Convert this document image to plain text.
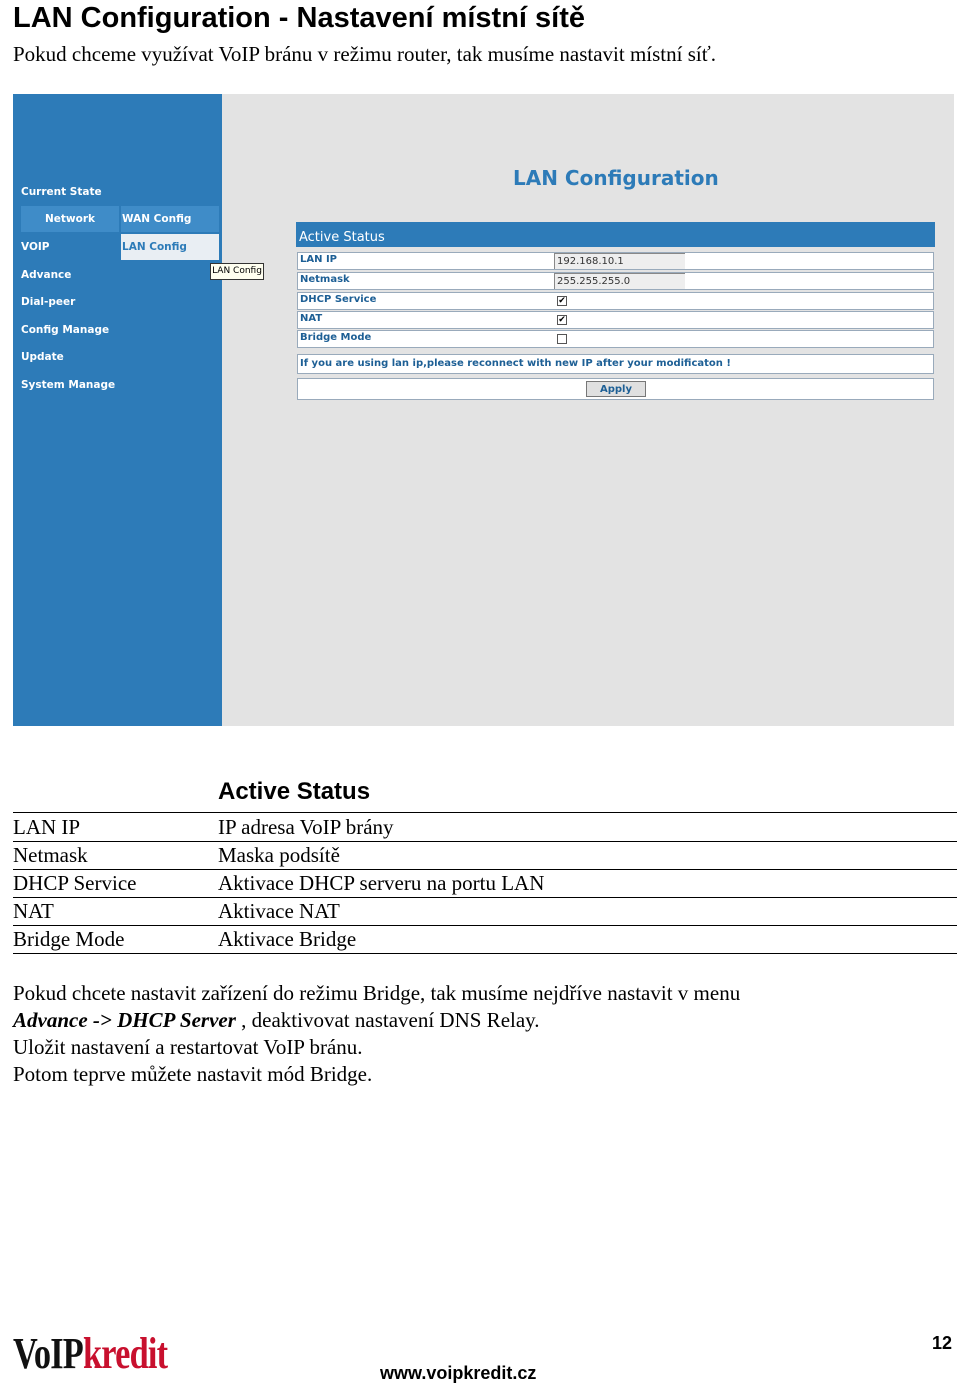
LAN Configuration - Nastavení místní sítě
Pokud chceme využívat VoIP bránu v režimu router, tak musíme nastavit místní síť.
Current State
Network	WAN Config
LAN Config
VOIP
Advance
Dial-peer
Config Manage
Update
System Manage
LAN Config
LAN Configuration
Active Status
LAN IP	192.168.10.1
Netmask	255.255.255.0
DHCP Service	✔
NAT	✔
Bridge Mode
If you are using lan ip,please reconnect with new IP after your modificaton !
Apply
Active Status
LAN IP	IP adresa VoIP brány
Netmask	Maska podsítě
DHCP Service	Aktivace DHCP serveru na portu LAN
NAT	Aktivace NAT
Bridge Mode	Aktivace Bridge
Pokud chcete nastavit zařízení do režimu Bridge, tak musíme nejdříve nastavit v menu
Advance -> DHCP Server , deaktivovat nastavení DNS Relay.
Uložit nastavení a restartovat VoIP bránu.
Potom teprve můžete nastavit mód Bridge.
VoIPkredit	www.voipkredit.cz
12
